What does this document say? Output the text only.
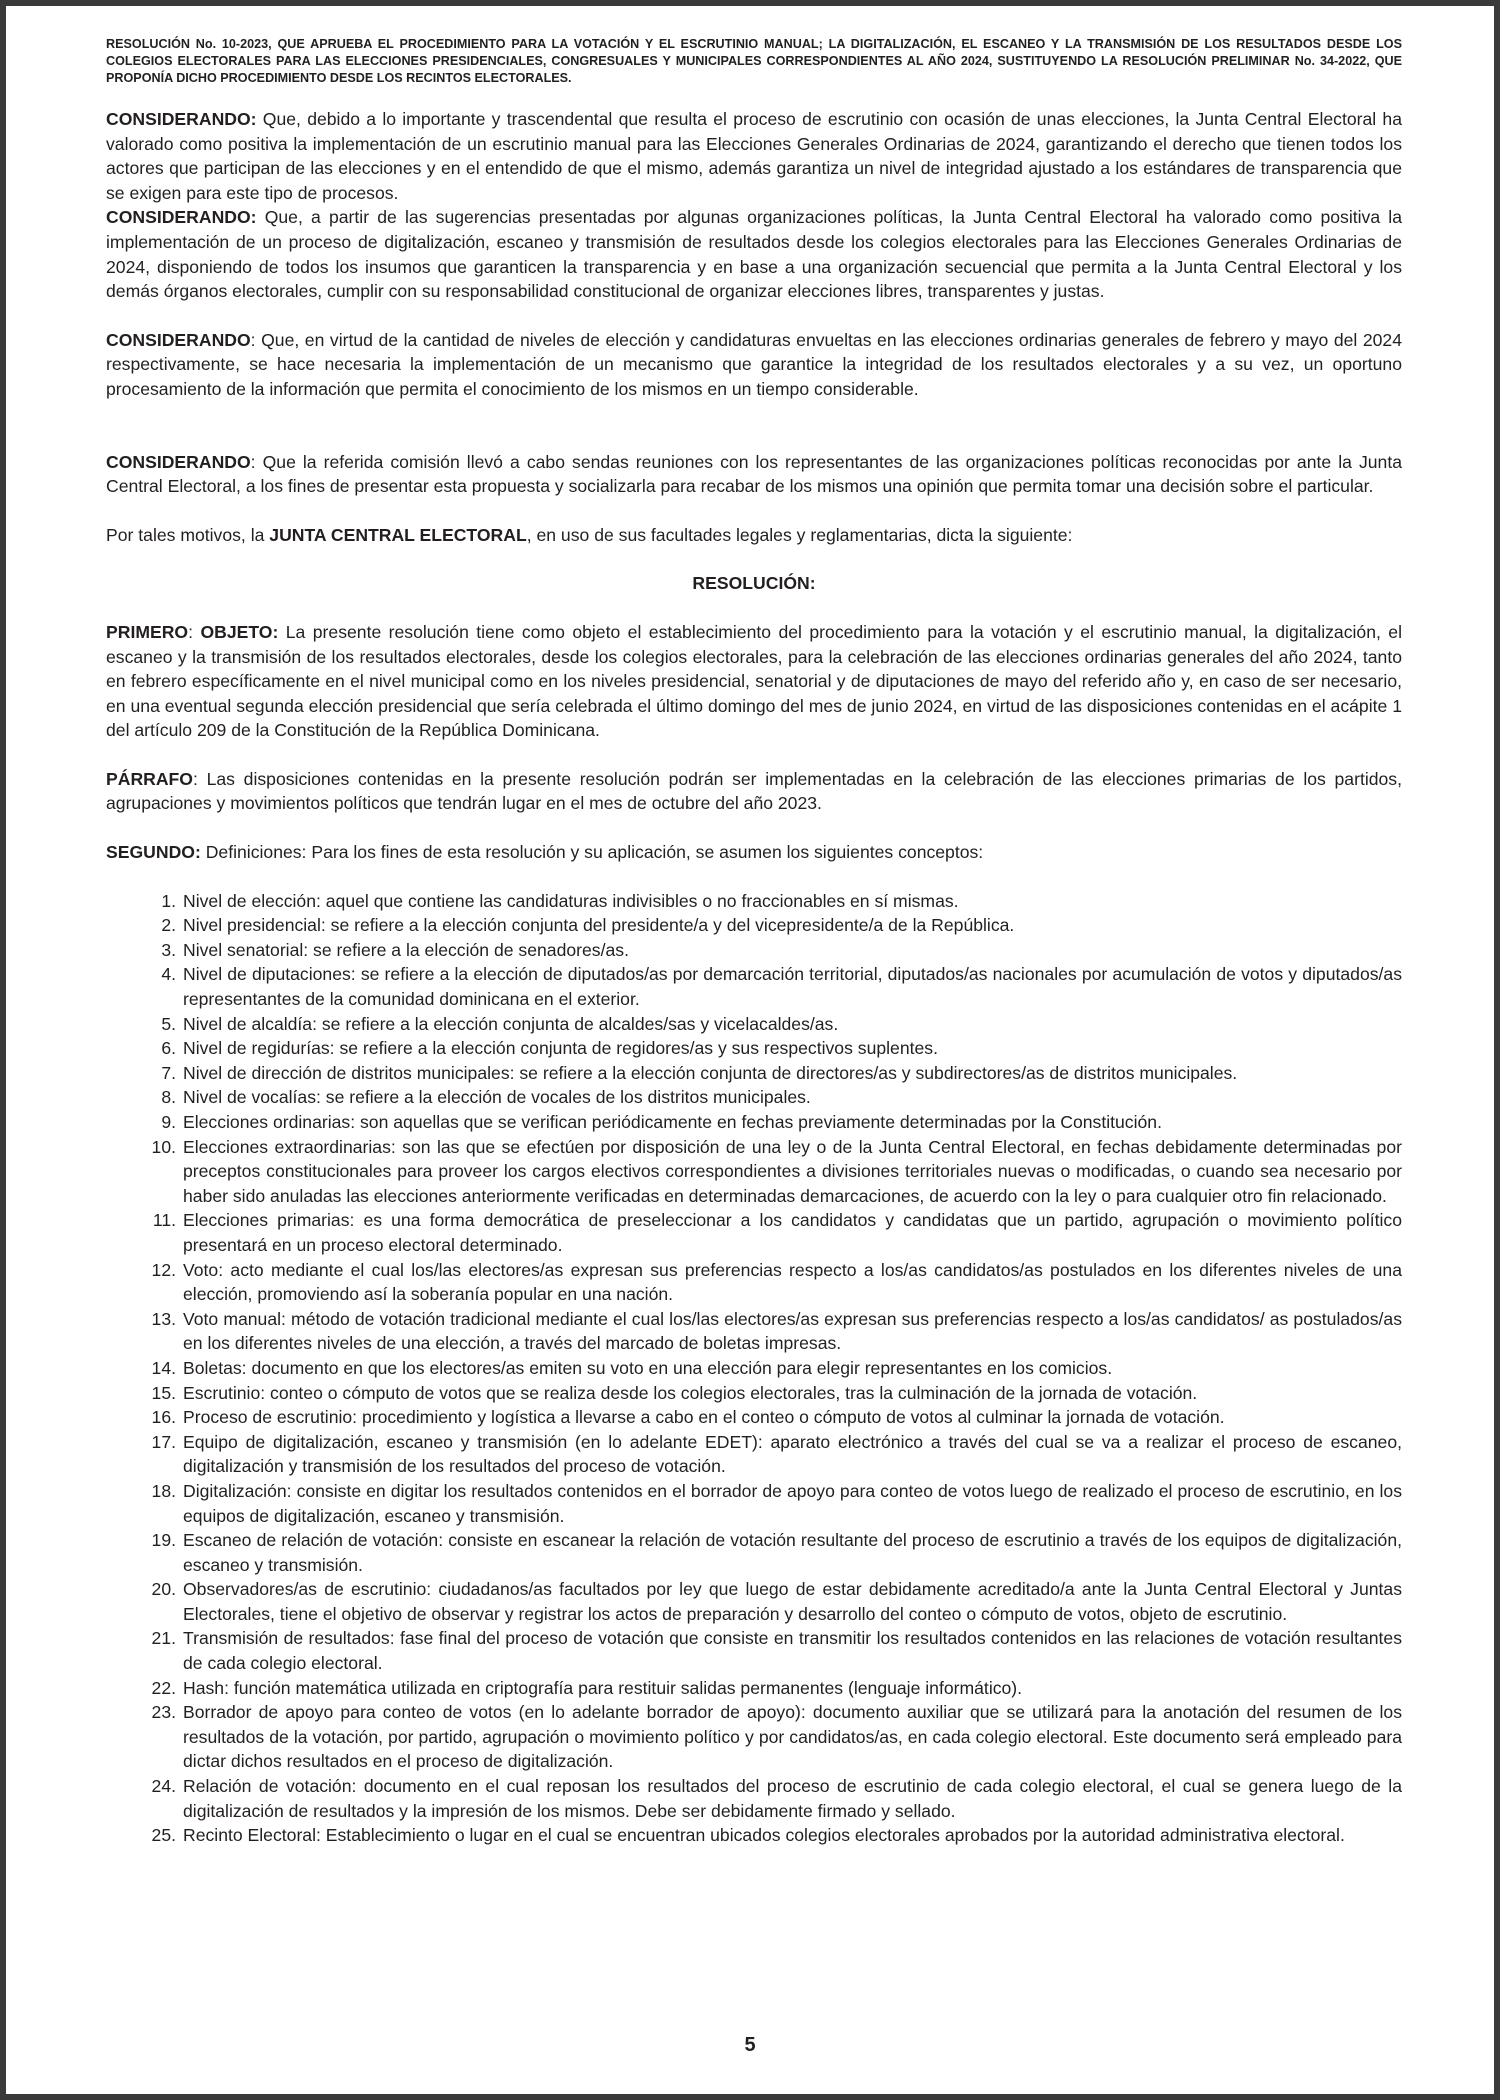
RESOLUCIÓN No. 10-2023, QUE APRUEBA EL PROCEDIMIENTO PARA LA VOTACIÓN Y EL ESCRUTINIO MANUAL; LA DIGITALIZACIÓN, EL ESCANEO Y LA TRANSMISIÓN DE LOS RESULTADOS DESDE LOS COLEGIOS ELECTORALES PARA LAS ELECCIONES PRESIDENCIALES, CONGRESUALES Y MUNICIPALES CORRESPONDIENTES AL AÑO 2024, SUSTITUYENDO LA RESOLUCIÓN PRELIMINAR No. 34-2022, QUE PROPONÍA DICHO PROCEDIMIENTO DESDE LOS RECINTOS ELECTORALES.

CONSIDERANDO: Que, debido a lo importante y trascendental que resulta el proceso de escrutinio con ocasión de unas elecciones, la Junta Central Electoral ha valorado como positiva la implementación de un escrutinio manual para las Elecciones Generales Ordinarias de 2024, garantizando el derecho que tienen todos los actores que participan de las elecciones y en el entendido de que el mismo, además garantiza un nivel de integridad ajustado a los estándares de transparencia que se exigen para este tipo de procesos.

CONSIDERANDO: Que, a partir de las sugerencias presentadas por algunas organizaciones políticas, la Junta Central Electoral ha valorado como positiva la implementación de un proceso de digitalización, escaneo y transmisión de resultados desde los colegios electorales para las Elecciones Generales Ordinarias de 2024, disponiendo de todos los insumos que garanticen la transparencia y en base a una organización secuencial que permita a la Junta Central Electoral y los demás órganos electorales, cumplir con su responsabilidad constitucional de organizar elecciones libres, transparentes y justas.

CONSIDERANDO: Que, en virtud de la cantidad de niveles de elección y candidaturas envueltas en las elecciones ordinarias generales de febrero y mayo del 2024 respectivamente, se hace necesaria la implementación de un mecanismo que garantice la integridad de los resultados electorales y a su vez, un oportuno procesamiento de la información que permita el conocimiento de los mismos en un tiempo considerable.

CONSIDERANDO: Que la referida comisión llevó a cabo sendas reuniones con los representantes de las organizaciones políticas reconocidas por ante la Junta Central Electoral, a los fines de presentar esta propuesta y socializarla para recabar de los mismos una opinión que permita tomar una decisión sobre el particular.

Por tales motivos, la JUNTA CENTRAL ELECTORAL, en uso de sus facultades legales y reglamentarias, dicta la siguiente:

RESOLUCIÓN:

PRIMERO: OBJETO: La presente resolución tiene como objeto el establecimiento del procedimiento para la votación y el escrutinio manual, la digitalización, el escaneo y la transmisión de los resultados electorales, desde los colegios electorales, para la celebración de las elecciones ordinarias generales del año 2024, tanto en febrero específicamente en el nivel municipal como en los niveles presidencial, senatorial y de diputaciones de mayo del referido año y, en caso de ser necesario, en una eventual segunda elección presidencial que sería celebrada el último domingo del mes de junio 2024, en virtud de las disposiciones contenidas en el acápite 1 del artículo 209 de la Constitución de la República Dominicana.

PÁRRAFO: Las disposiciones contenidas en la presente resolución podrán ser implementadas en la celebración de las elecciones primarias de los partidos, agrupaciones y movimientos políticos que tendrán lugar en el mes de octubre del año 2023.

SEGUNDO: Definiciones: Para los fines de esta resolución y su aplicación, se asumen los siguientes conceptos:

1. Nivel de elección: aquel que contiene las candidaturas indivisibles o no fraccionables en sí mismas.
2. Nivel presidencial: se refiere a la elección conjunta del presidente/a y del vicepresidente/a de la República.
3. Nivel senatorial: se refiere a la elección de senadores/as.
4. Nivel de diputaciones: se refiere a la elección de diputados/as por demarcación territorial, diputados/as nacionales por acumulación de votos y diputados/as representantes de la comunidad dominicana en el exterior.
5. Nivel de alcaldía: se refiere a la elección conjunta de alcaldes/sas y vicelacaldes/as.
6. Nivel de regidurías: se refiere a la elección conjunta de regidores/as y sus respectivos suplentes.
7. Nivel de dirección de distritos municipales: se refiere a la elección conjunta de directores/as y subdirectores/as de distritos municipales.
8. Nivel de vocalías: se refiere a la elección de vocales de los distritos municipales.
9. Elecciones ordinarias: son aquellas que se verifican periódicamente en fechas previamente determinadas por la Constitución.
10. Elecciones extraordinarias: son las que se efectúen por disposición de una ley o de la Junta Central Electoral, en fechas debidamente determinadas por preceptos constitucionales para proveer los cargos electivos correspondientes a divisiones territoriales nuevas o modificadas, o cuando sea necesario por haber sido anuladas las elecciones anteriormente verificadas en determinadas demarcaciones, de acuerdo con la ley o para cualquier otro fin relacionado.
11. Elecciones primarias: es una forma democrática de preseleccionar a los candidatos y candidatas que un partido, agrupación o movimiento político presentará en un proceso electoral determinado.
12. Voto: acto mediante el cual los/las electores/as expresan sus preferencias respecto a los/as candidatos/as postulados en los diferentes niveles de una elección, promoviendo así la soberanía popular en una nación.
13. Voto manual: método de votación tradicional mediante el cual los/las electores/as expresan sus preferencias respecto a los/as candidatos/ as postulados/as en los diferentes niveles de una elección, a través del marcado de boletas impresas.
14. Boletas: documento en que los electores/as emiten su voto en una elección para elegir representantes en los comicios.
15. Escrutinio: conteo o cómputo de votos que se realiza desde los colegios electorales, tras la culminación de la jornada de votación.
16. Proceso de escrutinio: procedimiento y logística a llevarse a cabo en el conteo o cómputo de votos al culminar la jornada de votación.
17. Equipo de digitalización, escaneo y transmisión (en lo adelante EDET): aparato electrónico a través del cual se va a realizar el proceso de escaneo, digitalización y transmisión de los resultados del proceso de votación.
18. Digitalización: consiste en digitar los resultados contenidos en el borrador de apoyo para conteo de votos luego de realizado el proceso de escrutinio, en los equipos de digitalización, escaneo y transmisión.
19. Escaneo de relación de votación: consiste en escanear la relación de votación resultante del proceso de escrutinio a través de los equipos de digitalización, escaneo y transmisión.
20. Observadores/as de escrutinio: ciudadanos/as facultados por ley que luego de estar debidamente acreditado/a ante la Junta Central Electoral y Juntas Electorales, tiene el objetivo de observar y registrar los actos de preparación y desarrollo del conteo o cómputo de votos, objeto de escrutinio.
21. Transmisión de resultados: fase final del proceso de votación que consiste en transmitir los resultados contenidos en las relaciones de votación resultantes de cada colegio electoral.
22. Hash: función matemática utilizada en criptografía para restituir salidas permanentes (lenguaje informático).
23. Borrador de apoyo para conteo de votos (en lo adelante borrador de apoyo): documento auxiliar que se utilizará para la anotación del resumen de los resultados de la votación, por partido, agrupación o movimiento político y por candidatos/as, en cada colegio electoral. Este documento será empleado para dictar dichos resultados en el proceso de digitalización.
24. Relación de votación: documento en el cual reposan los resultados del proceso de escrutinio de cada colegio electoral, el cual se genera luego de la digitalización de resultados y la impresión de los mismos. Debe ser debidamente firmado y sellado.
25. Recinto Electoral: Establecimiento o lugar en el cual se encuentran ubicados colegios electorales aprobados por la autoridad administrativa electoral.
5
